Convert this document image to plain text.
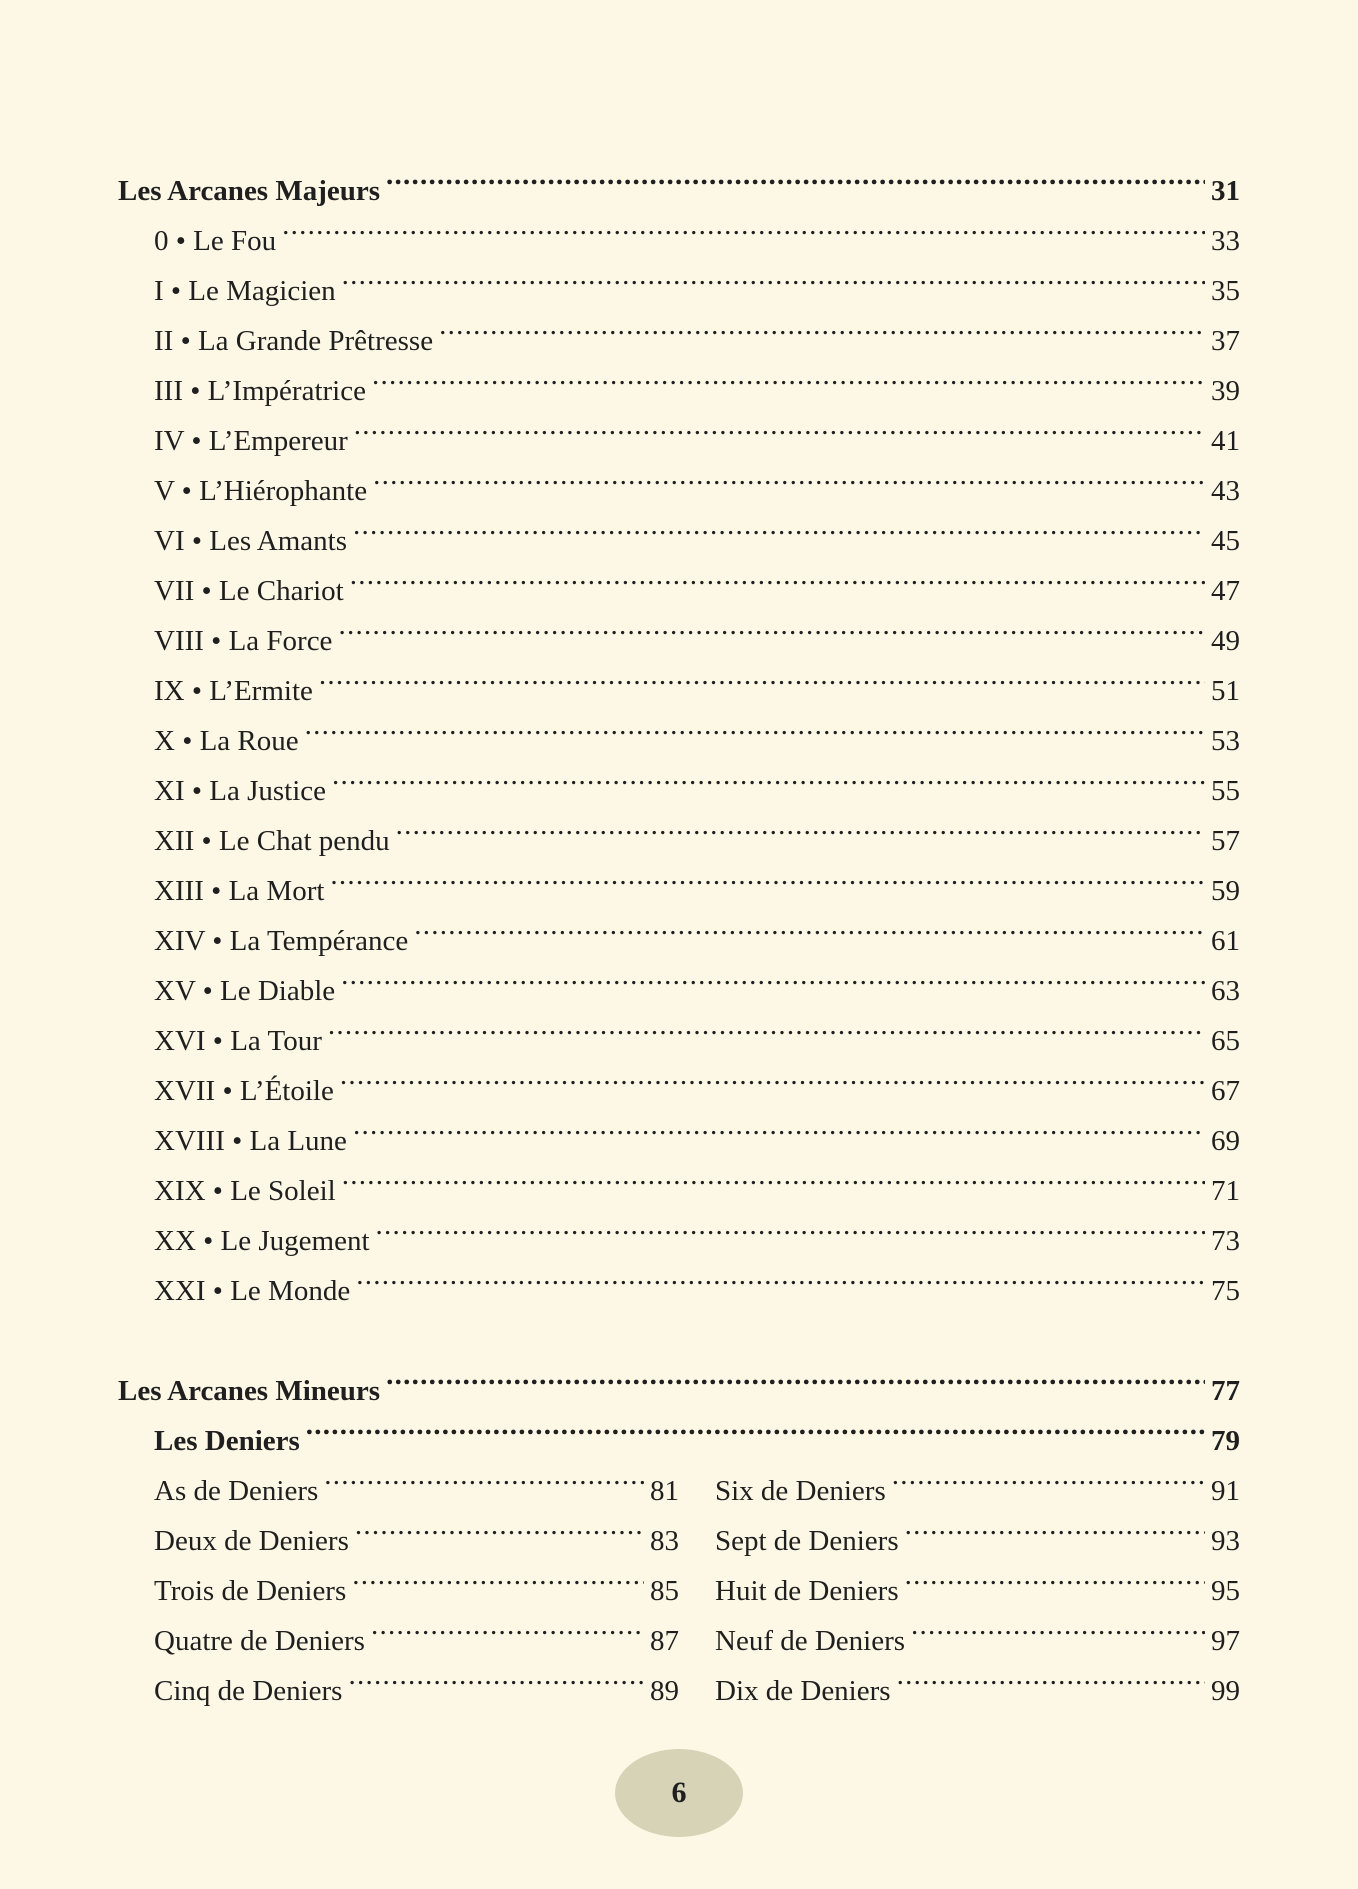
Les Arcanes Majeurs . . .	31
0 • Le Fou . . .	33
I • Le Magicien . . .	35
II • La Grande Prêtresse . . .	37
III • L’Impératrice . . .	39
IV • L’Empereur . . .	41
V • L’Hiérophante . . .	43
VI • Les Amants . . .	45
VII • Le Chariot . . .	47
VIII • La Force . . .	49
IX • L’Ermite . . .	51
X • La Roue . . .	53
XI • La Justice . . .	55
XII • Le Chat pendu . . .	57
XIII • La Mort . . .	59
XIV • La Tempérance . . .	61
XV • Le Diable . . .	63
XVI • La Tour . . .	65
XVII • L’Étoile . . .	67
XVIII • La Lune . . .	69
XIX • Le Soleil . . .	71
XX • Le Jugement . . .	73
XXI • Le Monde . . .	75
Les Arcanes Mineurs . . .	77
Les Deniers . . .	79
As de Deniers . . .	81
Deux de Deniers . . .	83
Trois de Deniers . . .	85
Quatre de Deniers . . .	87
Cinq de Deniers . . .	89
Six de Deniers . . .	91
Sept de Deniers . . .	93
Huit de Deniers . . .	95
Neuf de Deniers . . .	97
Dix de Deniers . . .	99
6
